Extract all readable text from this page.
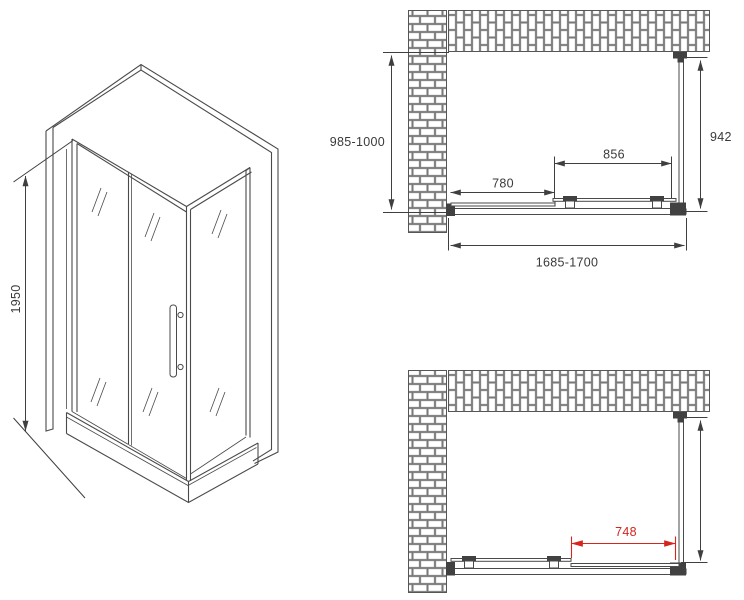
1950
985-1000	942
856
780
1685-1700
748
